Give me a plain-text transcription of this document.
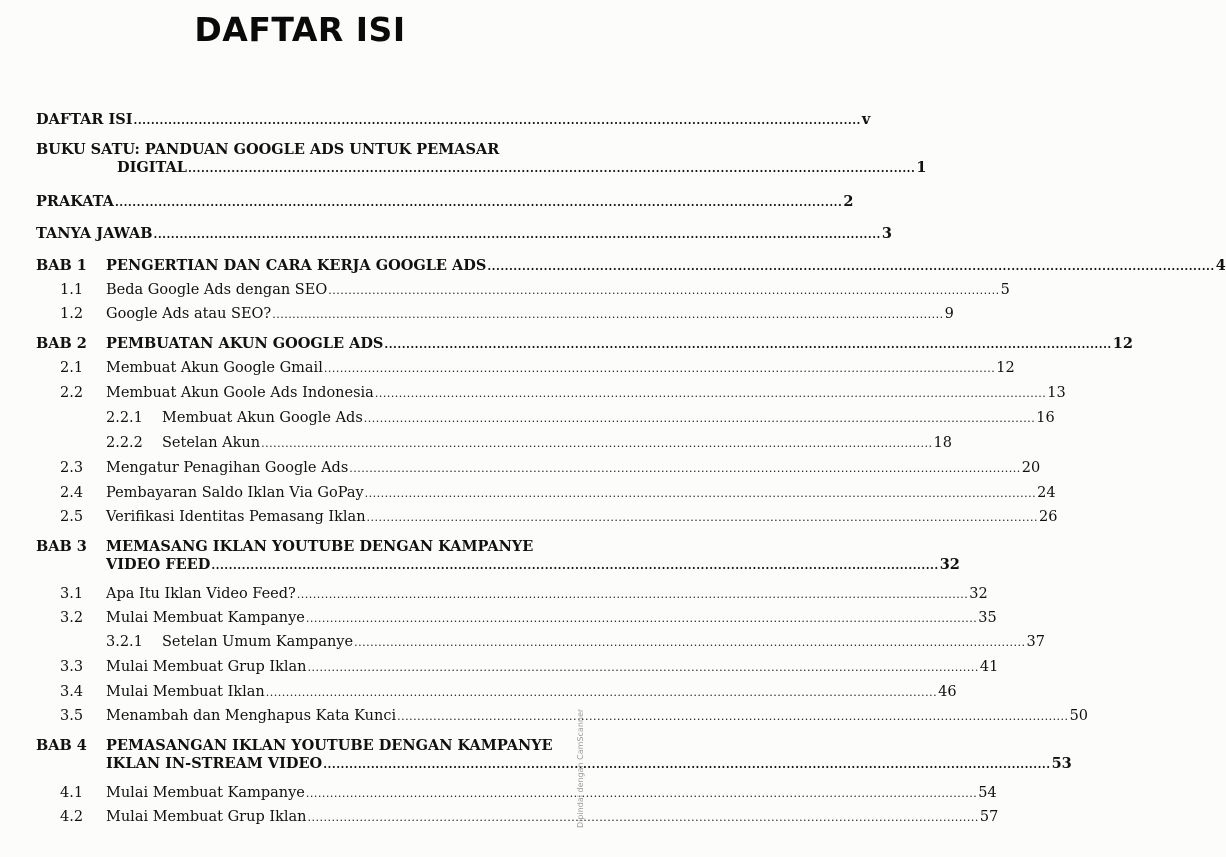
DAFTAR ISI
DAFTAR ISI ........................................................................................................................................................................ v
BUKU SATU: PANDUAN GOOGLE ADS UNTUK PEMASAR
DIGITAL ........................................................................................................................................................................ 1
PRAKATA ........................................................................................................................................................................ 2
TANYA JAWAB ........................................................................................................................................................................ 3
BAB 1	PENGERTIAN DAN CARA KERJA GOOGLE ADS ........................................................................................................................................................................ 4
1.1	Beda Google Ads dengan SEO ........................................................................................................................................................................ 5
1.2	Google Ads atau SEO? ........................................................................................................................................................................ 9
BAB 2	PEMBUATAN AKUN GOOGLE ADS ........................................................................................................................................................................ 12
2.1	Membuat Akun Google Gmail ........................................................................................................................................................................ 12
2.2	Membuat Akun Goole Ads Indonesia ........................................................................................................................................................................ 13
2.2.1	Membuat Akun Google Ads ........................................................................................................................................................................ 16
2.2.2	Setelan Akun ........................................................................................................................................................................ 18
2.3	Mengatur Penagihan Google Ads ........................................................................................................................................................................ 20
2.4	Pembayaran Saldo Iklan Via GoPay ........................................................................................................................................................................ 24
2.5	Verifikasi Identitas Pemasang Iklan ........................................................................................................................................................................ 26
BAB 3	MEMASANG IKLAN YOUTUBE DENGAN KAMPANYE
VIDEO FEED ........................................................................................................................................................................ 32
3.1	Apa Itu Iklan Video Feed? ........................................................................................................................................................................ 32
3.2	Mulai Membuat Kampanye ........................................................................................................................................................................ 35
3.2.1	Setelan Umum Kampanye ........................................................................................................................................................................ 37
3.3	Mulai Membuat Grup Iklan ........................................................................................................................................................................ 41
3.4	Mulai Membuat Iklan ........................................................................................................................................................................ 46
3.5	Menambah dan Menghapus Kata Kunci ........................................................................................................................................................................ 50
BAB 4	PEMASANGAN IKLAN YOUTUBE DENGAN KAMPANYE
IKLAN IN-STREAM VIDEO ........................................................................................................................................................................ 53
4.1	Mulai Membuat Kampanye ........................................................................................................................................................................ 54
4.2	Mulai Membuat Grup Iklan ........................................................................................................................................................................ 57
Dipindai dengan CamScanner
